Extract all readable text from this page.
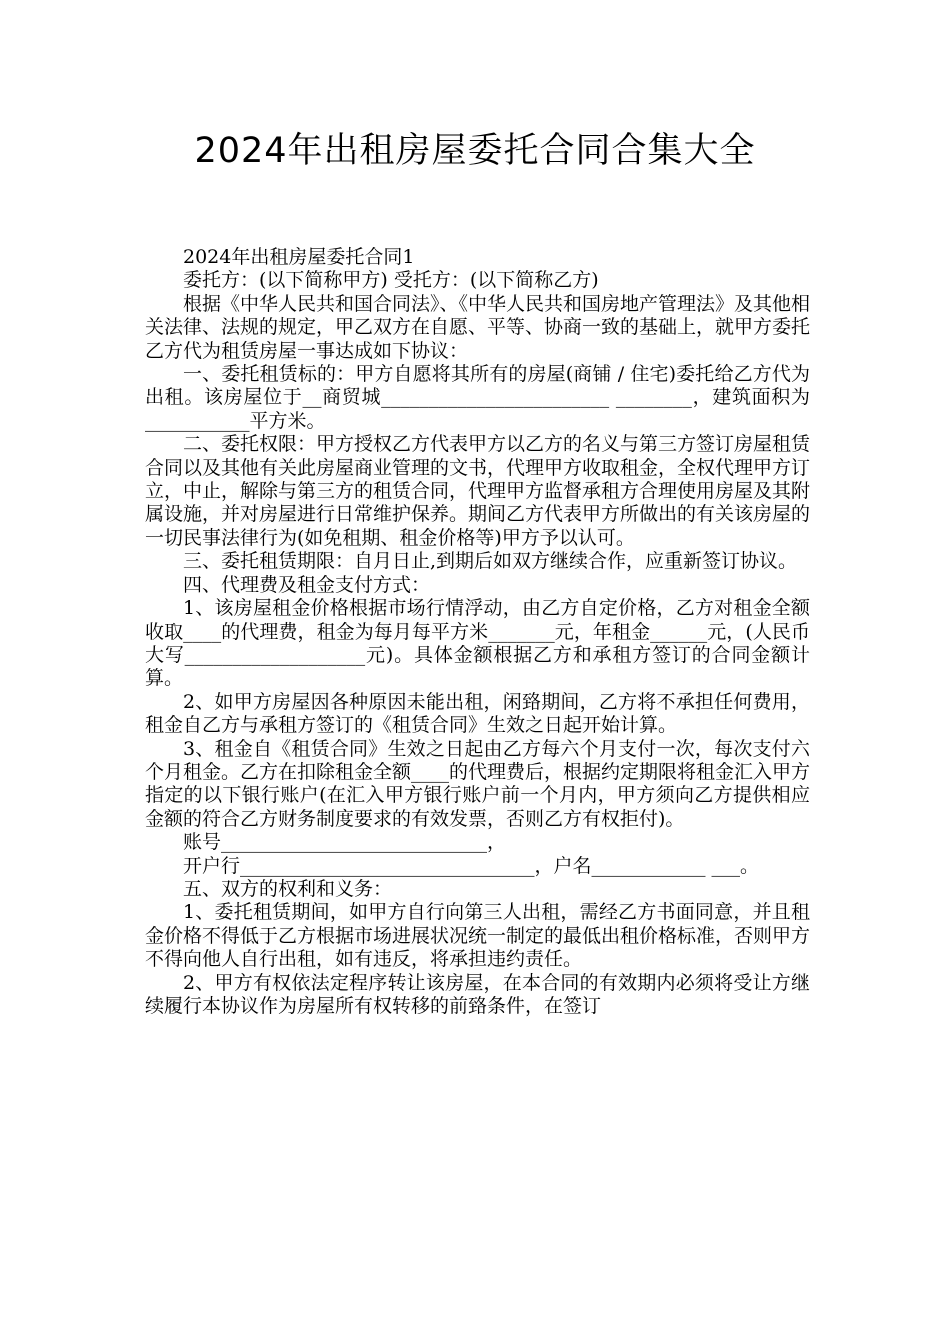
2024年出租房屋委托合同合集大全

2024年出租房屋委托合同1

委托方：(以下简称甲方) 受托方：(以下简称乙方)

根据《中华人民共和国合同法》、《中华人民共和国房地产管理法》及其他相关法律、法规的规定，甲乙双方在自愿、平等、协商一致的基础上，就甲方委托乙方代为租赁房屋一事达成如下协议：

一、委托租赁标的：甲方自愿将其所有的房屋(商铺 / 住宅)委托给乙方代为出租。该房屋位于__商贸城________________________ ________，建筑面积为___________平方米。

二、委托权限：甲方授权乙方代表甲方以乙方的名义与第三方签订房屋租赁合同以及其他有关此房屋商业管理的文书，代理甲方收取租金，全权代理甲方订立，中止，解除与第三方的租赁合同，代理甲方监督承租方合理使用房屋及其附属设施，并对房屋进行日常维护保养。期间乙方代表甲方所做出的有关该房屋的一切民事法律行为(如免租期、租金价格等)甲方予以认可。

三、委托租赁期限：自月日止,到期后如双方继续合作，应重新签订协议。

四、代理费及租金支付方式：

1、该房屋租金价格根据市场行情浮动，由乙方自定价格，乙方对租金全额收取____的代理费，租金为每月每平方米_______元，年租金______元，(人民币大写___________________元)。具体金额根据乙方和承租方签订的合同金额计算。

2、如甲方房屋因各种原因未能出租，闲臵期间，乙方将不承担任何费用，租金自乙方与承租方签订的《租赁合同》生效之日起开始计算。

3、租金自《租赁合同》生效之日起由乙方每六个月支付一次，每次支付六个月租金。乙方在扣除租金全额____的代理费后，根据约定期限将租金汇入甲方指定的以下银行账户(在汇入甲方银行账户前一个月内，甲方须向乙方提供相应金额的符合乙方财务制度要求的有效发票，否则乙方有权拒付)。

账号____________________________，

开户行_______________________________，户名____________ ___。

五、双方的权利和义务：

1、委托租赁期间，如甲方自行向第三人出租，需经乙方书面同意，并且租金价格不得低于乙方根据市场进展状况统一制定的最低出租价格标准，否则甲方不得向他人自行出租，如有违反，将承担违约责任。

2、甲方有权依法定程序转让该房屋，在本合同的有效期内必须将受让方继续履行本协议作为房屋所有权转移的前臵条件，在签订
